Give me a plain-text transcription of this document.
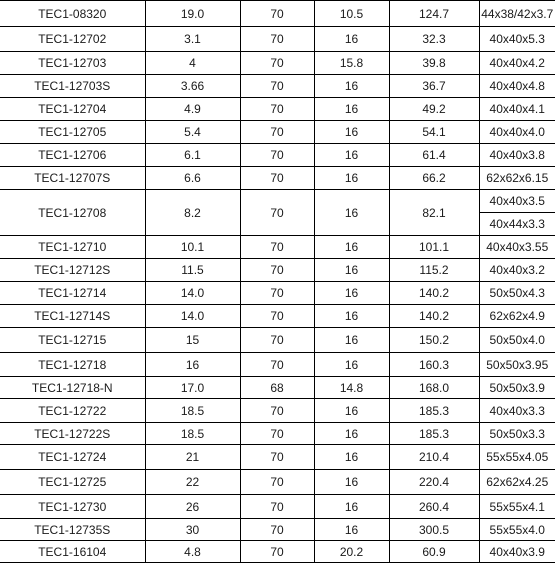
TEC1-08320	19.0	70	10.5	124.7	44x38/42x3.7
TEC1-12702	3.1	70	16	32.3	40x40x5.3
TEC1-12703	4	70	15.8	39.8	40x40x4.2
TEC1-12703S	3.66	70	16	36.7	40x40x4.8
TEC1-12704	4.9	70	16	49.2	40x40x4.1
TEC1-12705	5.4	70	16	54.1	40x40x4.0
TEC1-12706	6.1	70	16	61.4	40x40x3.8
TEC1-12707S	6.6	70	16	66.2	62x62x6.15
TEC1-12708	8.2	70	16	82.1	40x40x3.5
					40x44x3.3
TEC1-12710	10.1	70	16	101.1	40x40x3.55
TEC1-12712S	11.5	70	16	115.2	40x40x3.2
TEC1-12714	14.0	70	16	140.2	50x50x4.3
TEC1-12714S	14.0	70	16	140.2	62x62x4.9
TEC1-12715	15	70	16	150.2	50x50x4.0
TEC1-12718	16	70	16	160.3	50x50x3.95
TEC1-12718-N	17.0	68	14.8	168.0	50x50x3.9
TEC1-12722	18.5	70	16	185.3	40x40x3.3
TEC1-12722S	18.5	70	16	185.3	50x50x3.3
TEC1-12724	21	70	16	210.4	55x55x4.05
TEC1-12725	22	70	16	220.4	62x62x4.25
TEC1-12730	26	70	16	260.4	55x55x4.1
TEC1-12735S	30	70	16	300.5	55x55x4.0
TEC1-16104	4.8	70	20.2	60.9	40x40x3.9
